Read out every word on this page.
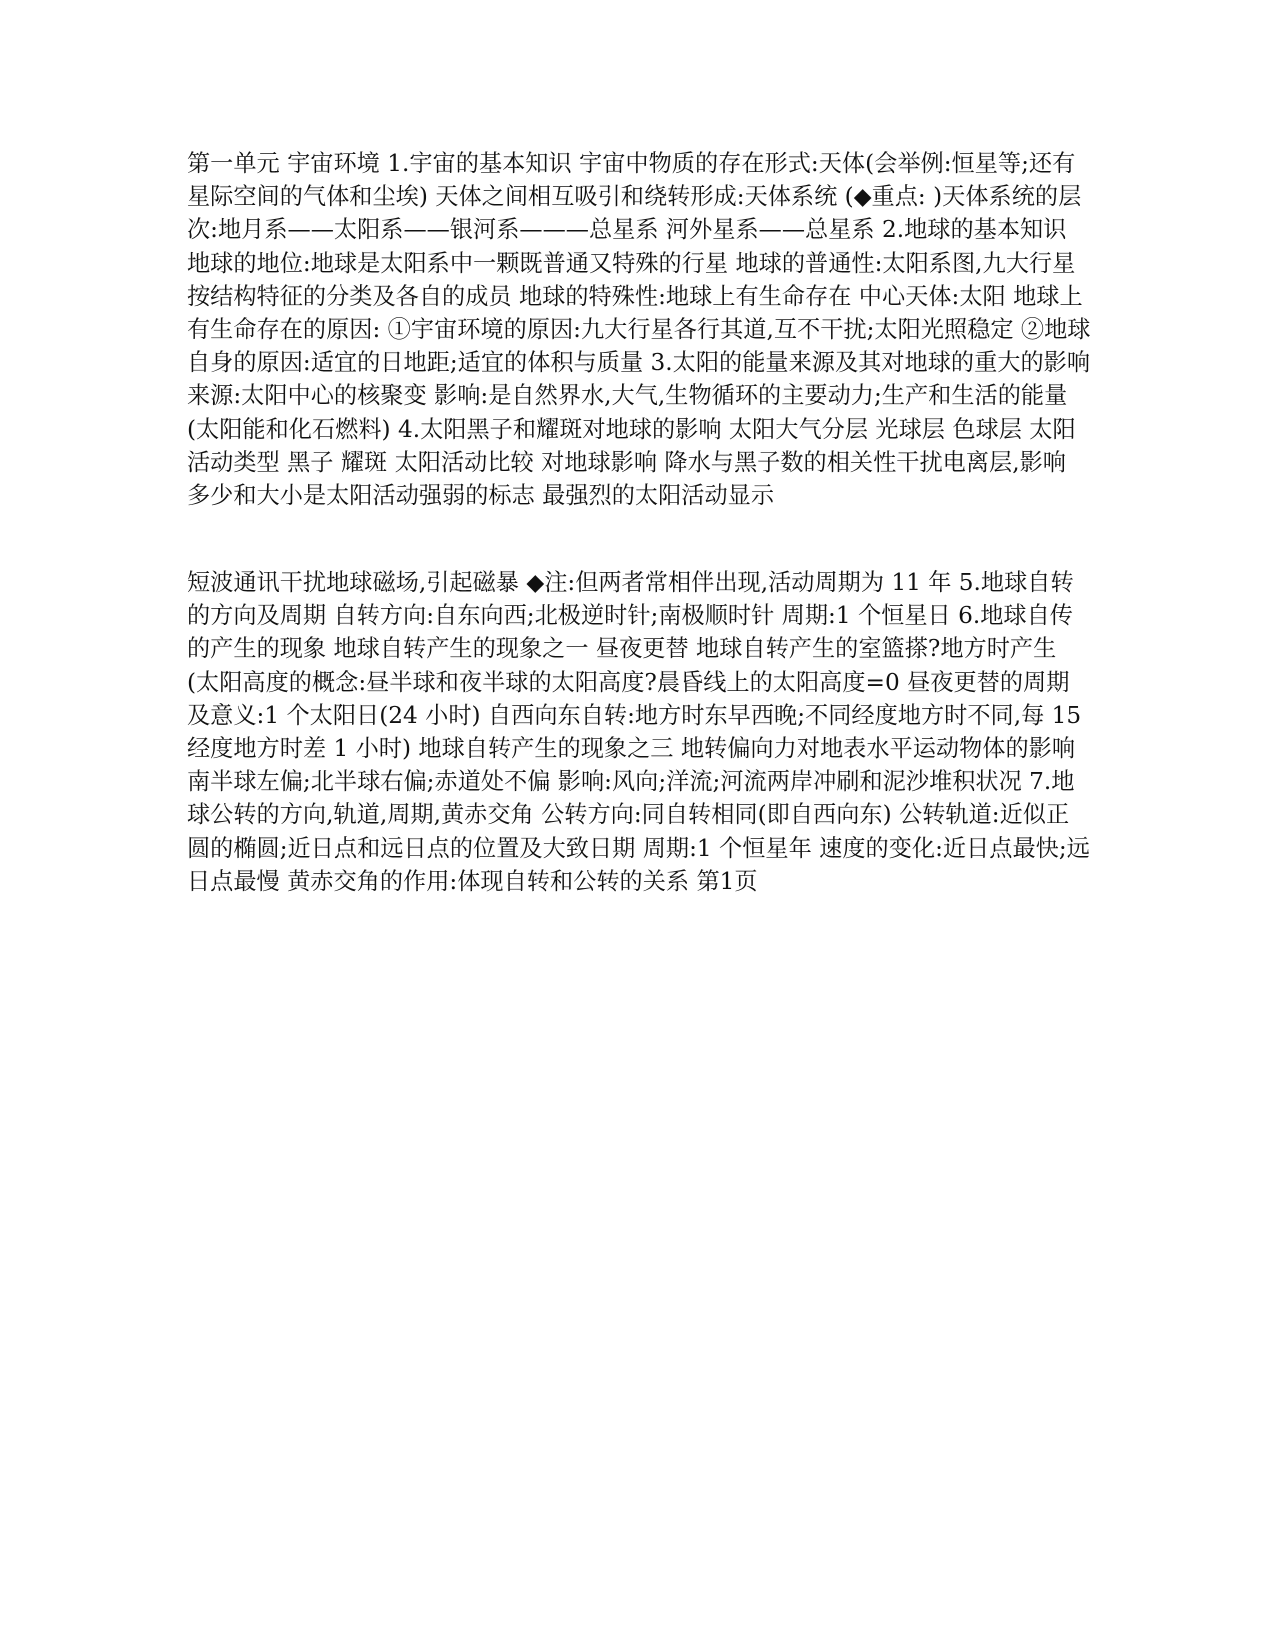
第一单元 宇宙环境 1.宇宙的基本知识 宇宙中物质的存在形式:天体(会举例:恒星等;还有星际空间的气体和尘埃) 天体之间相互吸引和绕转形成:天体系统 (◆重点: )天体系统的层次:地月系——太阳系——银河系———总星系 河外星系——总星系 2.地球的基本知识 地球的地位:地球是太阳系中一颗既普通又特殊的行星 地球的普通性:太阳系图,九大行星按结构特征的分类及各自的成员 地球的特殊性:地球上有生命存在 中心天体:太阳 地球上有生命存在的原因: ①宇宙环境的原因:九大行星各行其道,互不干扰;太阳光照稳定 ②地球自身的原因:适宜的日地距;适宜的体积与质量 3.太阳的能量来源及其对地球的重大的影响 来源:太阳中心的核聚变 影响:是自然界水,大气,生物循环的主要动力;生产和生活的能量(太阳能和化石燃料) 4.太阳黑子和耀斑对地球的影响 太阳大气分层 光球层 色球层 太阳活动类型 黑子 耀斑 太阳活动比较 对地球影响 降水与黑子数的相关性干扰电离层,影响 多少和大小是太阳活动强弱的标志 最强烈的太阳活动显示

短波通讯干扰地球磁场,引起磁暴 ◆注:但两者常相伴出现,活动周期为 11 年 5.地球自转的方向及周期 自转方向:自东向西;北极逆时针;南极顺时针 周期:1 个恒星日 6.地球自传的产生的现象 地球自转产生的现象之一 昼夜更替 地球自转产生的室篮搽?地方时产生 (太阳高度的概念:昼半球和夜半球的太阳高度?晨昏线上的太阳高度=0 昼夜更替的周期及意义:1 个太阳日(24 小时) 自西向东自转:地方时东早西晚;不同经度地方时不同,每 15 经度地方时差 1 小时) 地球自转产生的现象之三 地转偏向力对地表水平运动物体的影响 南半球左偏;北半球右偏;赤道处不偏 影响:风向;洋流;河流两岸冲刷和泥沙堆积状况 7.地球公转的方向,轨道,周期,黄赤交角 公转方向:同自转相同(即自西向东) 公转轨道:近似正圆的椭圆;近日点和远日点的位置及大致日期 周期:1 个恒星年 速度的变化:近日点最快;远日点最慢 黄赤交角的作用:体现自转和公转的关系 第1页
